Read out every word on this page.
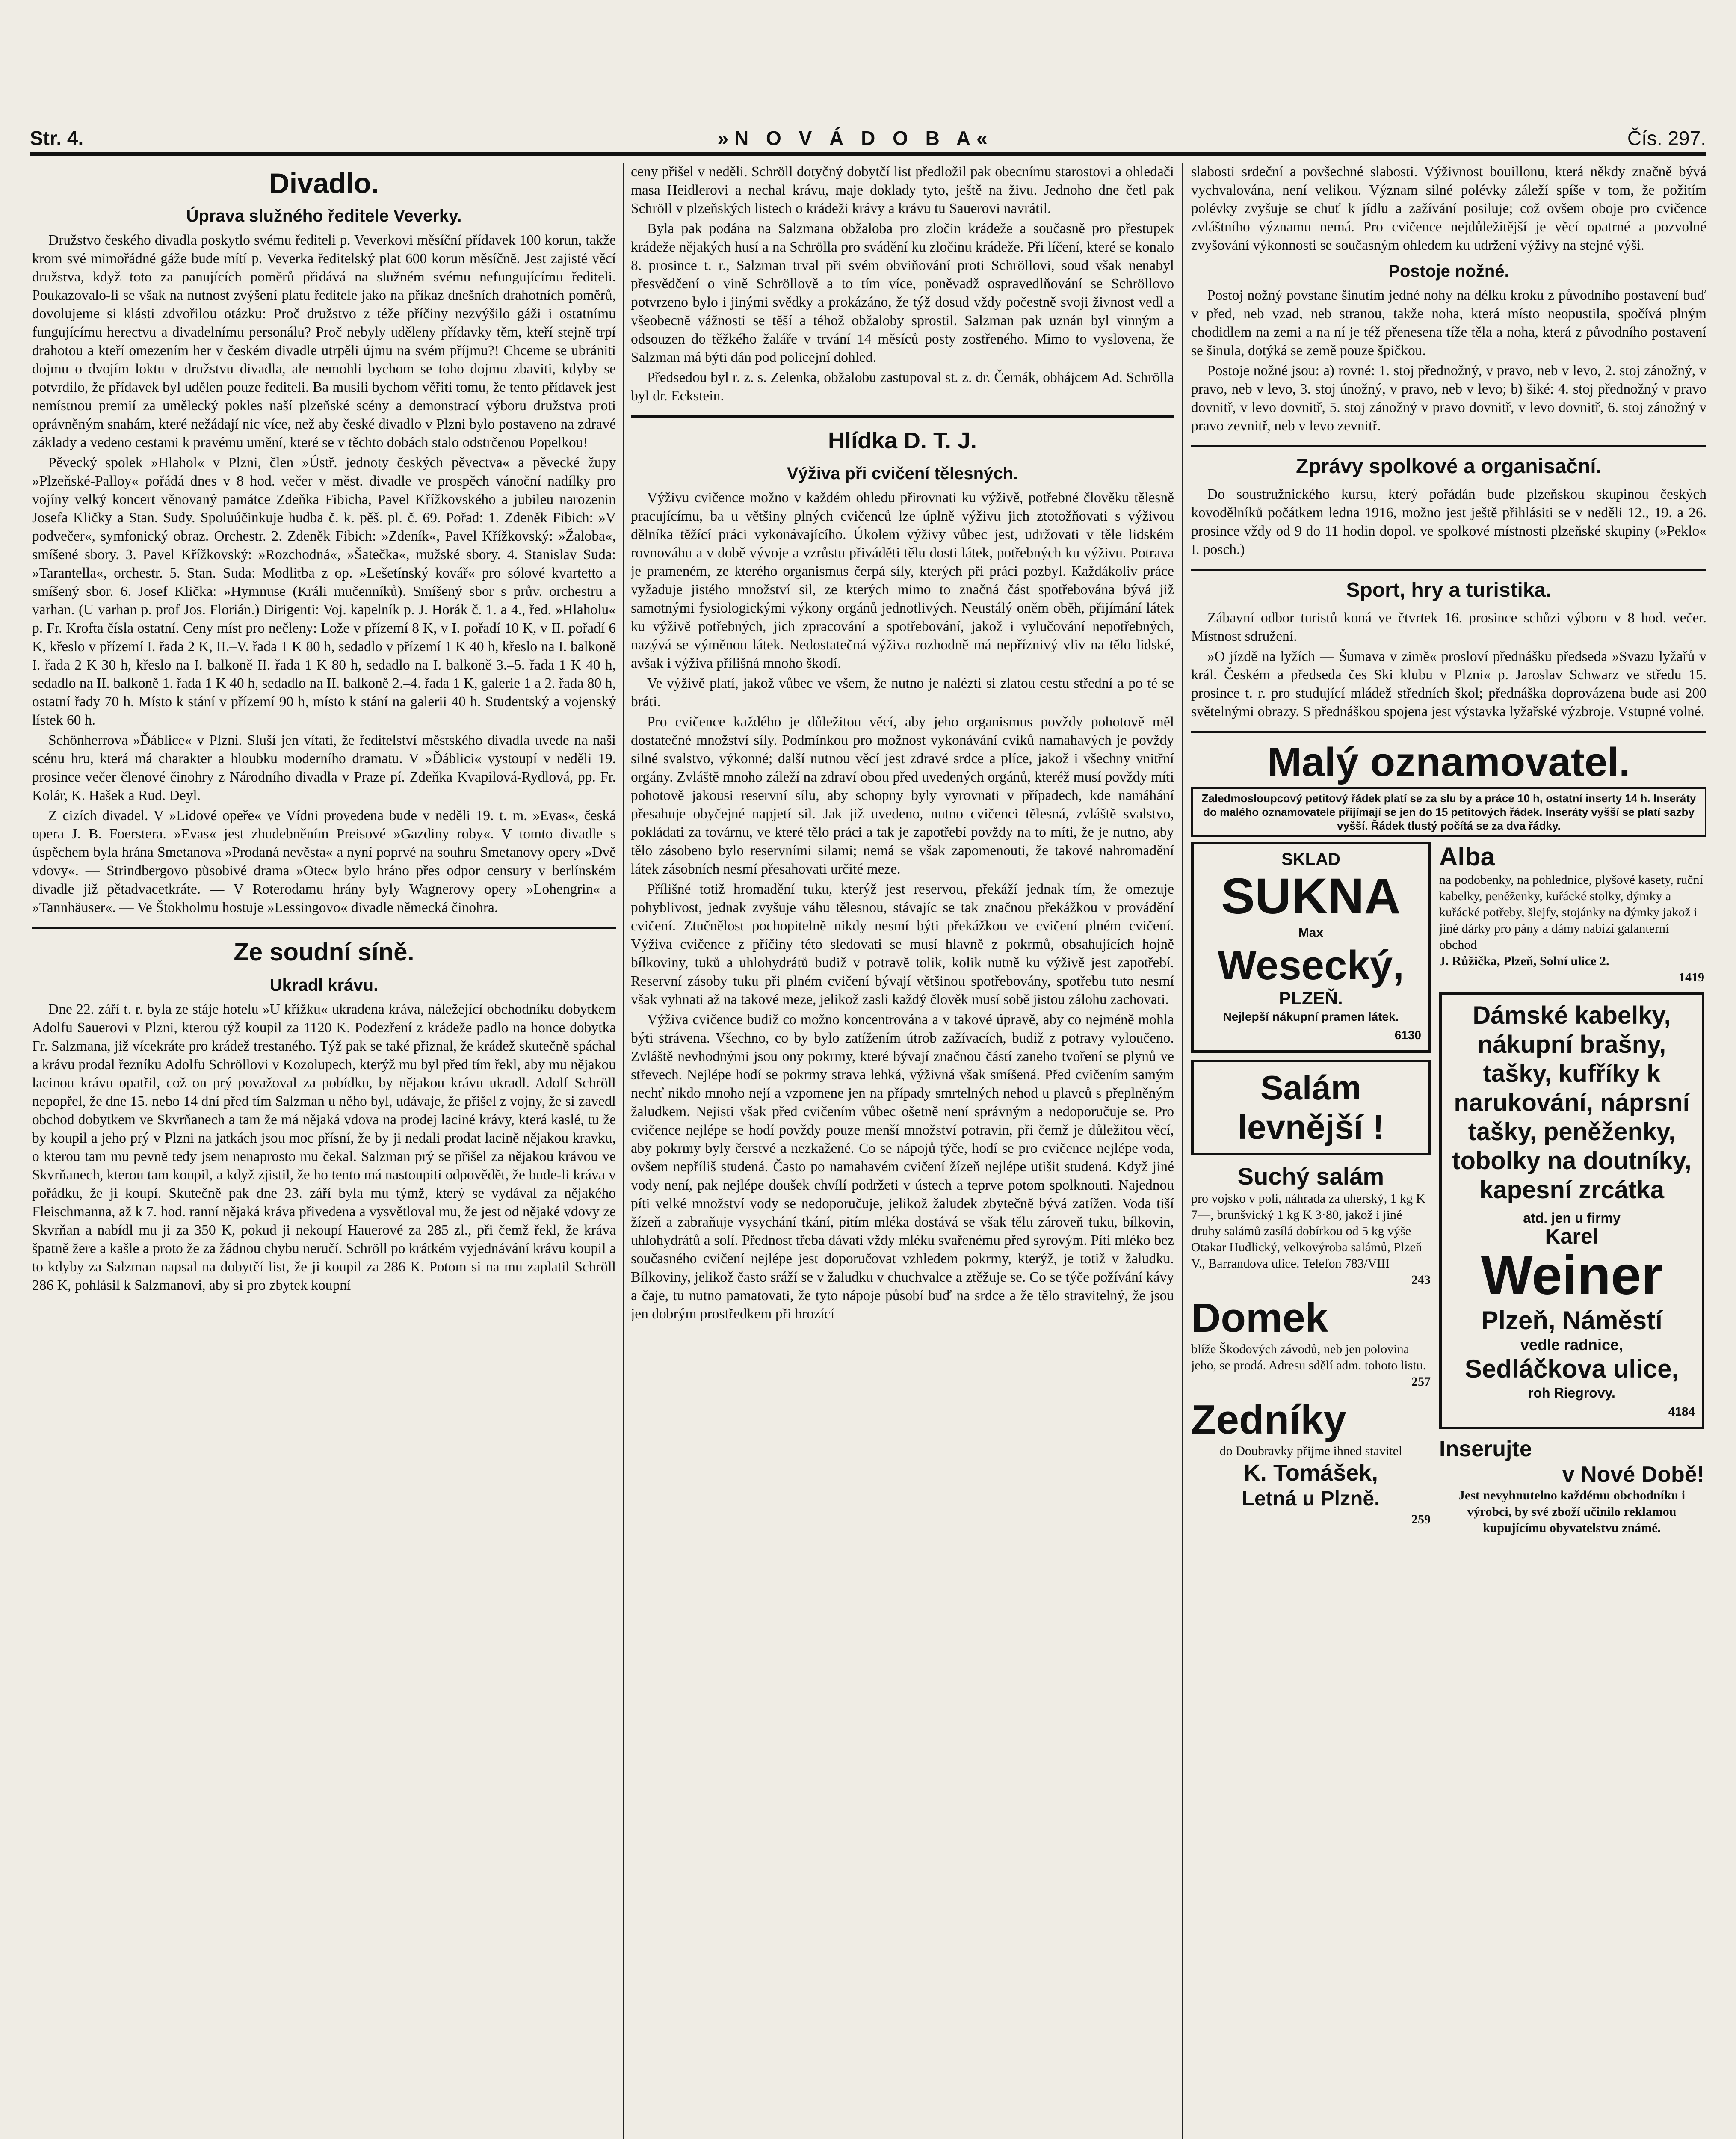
Str. 4.	»N O V Á D O B A«	Čís. 297.
Divadlo.
Úprava služného ředitele Veverky.

Družstvo českého divadla poskytlo svému řediteli p. Veverkovi měsíční přídavek 100 korun, takže krom své mimořádné gáže bude mítí p. Veverka ředitelský plat 600 korun měsíčně. Jest zajisté věcí družstva, když toto za panujících poměrů přidává na služném svému nefungujícímu řediteli. Poukazovalo-li se však na nutnost zvýšení platu ředitele jako na příkaz dnešních drahotních poměrů, dovolujeme si klásti zdvořilou otázku: Proč družstvo z téže příčiny nezvýšilo gáži i ostatnímu fungujícímu herectvu a divadelnímu personálu? Proč nebyly uděleny přídavky těm, kteří stejně trpí drahotou a kteří omezením her v českém divadle utrpěli újmu na svém příjmu?! Chceme se ubrániti dojmu o dvojím loktu v družstvu divadla, ale nemohli bychom se toho dojmu zbaviti, kdyby se potvrdilo, že přídavek byl udělen pouze řediteli. Ba musili bychom věřiti tomu, že tento přídavek jest nemístnou premií za umělecký pokles naší plzeňské scény a demonstrací výboru družstva proti oprávněným snahám, které nežádají nic více, než aby české divadlo v Plzni bylo postaveno na zdravé základy a vedeno cestami k pravému umění, které se v těchto dobách stalo odstrčenou Popelkou!

Pěvecký spolek »Hlahol« v Plzni, člen »Ústř. jednoty českých pěvectva« a pěvecké župy »Plzeňské-Palloy« pořádá dnes v 8 hod. večer v měst. divadle ve prospěch vánoční nadílky pro vojíny velký koncert věnovaný památce Zdeňka Fibicha, Pavel Křížkovského a jubileu narozenin Josefa Kličky a Stan. Sudy. Spoluúčinkuje hudba č. k. pěš. pl. č. 69. Pořad: 1. Zdeněk Fibich: »V podvečer«, symfonický obraz. Orchestr. 2. Zdeněk Fibich: »Zdeník«, Pavel Křížkovský: »Žaloba«, smíšené sbory. 3. Pavel Křížkovský: »Rozchodná«, »Šatečka«, mužské sbory. 4. Stanislav Suda: »Tarantella«, orchestr. 5. Stan. Suda: Modlitba z op. »Lešetínský kovář« pro sólové kvartetto a smíšený sbor. 6. Josef Klička: »Hymnuse (Králi mučenníků). Smíšený sbor s prův. orchestru a varhan. (U varhan p. prof Jos. Florián.) Dirigenti: Voj. kapelník p. J. Horák č. 1. a 4., řed. »Hlaholu« p. Fr. Krofta čísla ostatní. Ceny míst pro nečleny: Lože v přízemí 8 K, v I. pořadí 10 K, v II. pořadí 6 K, křeslo v přízemí I. řada 2 K, II.–V. řada 1 K 80 h, sedadlo v přízemí 1 K 40 h, křeslo na I. balkoně I. řada 2 K 30 h, křeslo na I. balkoně II. řada 1 K 80 h, sedadlo na I. balkoně 3.–5. řada 1 K 40 h, sedadlo na II. balkoně 1. řada 1 K 40 h, sedadlo na II. balkoně 2.–4. řada 1 K, galerie 1 a 2. řada 80 h, ostatní řady 70 h. Místo k stání v přízemí 90 h, místo k stání na galerii 40 h. Studentský a vojenský lístek 60 h.

Schönherrova »Ďáblice« v Plzni. Sluší jen vítati, že ředitelství městského divadla uvede na naši scénu hru, která má charakter a hloubku moderního dramatu. V »Ďáblici« vystoupí v neděli 19. prosince večer členové činohry z Národního divadla v Praze pí. Zdeňka Kvapilová-Rydlová, pp. Fr. Kolár, K. Hašek a Rud. Deyl.

Z cizích divadel. V »Lidové opeře« ve Vídni provedena bude v neděli 19. t. m. »Evas«, česká opera J. B. Foerstera. »Evas« jest zhudebněním Preisové »Gazdiny roby«. V tomto divadle s úspěchem byla hrána Smetanova »Prodaná nevěsta« a nyní poprvé na souhru Smetanovy opery »Dvě vdovy«. — Strindbergovo působivé drama »Otec« bylo hráno přes odpor censury v berlínském divadle již pětadvacetkráte. — V Roterodamu hrány byly Wagnerovy opery »Lohengrin« a »Tannhäuser«. — Ve Štokholmu hostuje »Lessingovo« divadle německá činohra.

Ze soudní síně.
Ukradl krávu.

Dne 22. září t. r. byla ze stáje hotelu »U křížku« ukradena kráva, náležející obchodníku dobytkem Adolfu Sauerovi v Plzni, kterou týž koupil za 1120 K. Podezření z krádeže padlo na honce dobytka Fr. Salzmana, již vícekráte pro krádež trestaného. Týž pak se také přiznal, že krádež skutečně spáchal a krávu prodal řezníku Adolfu Schröllovi v Kozolupech, kterýž mu byl před tím řekl, aby mu nějakou lacinou krávu opatřil, což on prý považoval za pobídku, by nějakou krávu ukradl. Adolf Schröll nepopřel, že dne 15. nebo 14 dní před tím Salzman u něho byl, udávaje, že přišel z vojny, že si zavedl obchod dobytkem ve Skvrňanech a tam že má nějaká vdova na prodej laciné krávy, která kaslé, tu že by koupil a jeho prý v Plzni na jatkách jsou moc přísní, že by ji nedali prodat lacině nějakou kravku, o kterou tam mu pevně tedy jsem nenaprosto mu čekal. Salzman prý se přišel za nějakou krávou ve Skvrňanech, kterou tam koupil, a když zjistil, že ho tento má nastoupiti odpovědět, že bude-li kráva v pořádku, že ji koupí. Skutečně pak dne 23. září byla mu týmž, který se vydával za nějakého Fleischmanna, až k 7. hod. ranní nějaká kráva přivedena a vysvětloval mu, že jest od nějaké vdovy ze Skvrňan a nabídl mu ji za 350 K, pokud ji nekoupí Hauerové za 285 zl., při čemž řekl, že kráva špatně žere a kašle a proto že za žádnou chybu neručí. Schröll po krátkém vyjednávání krávu koupil a to kdyby za Salzman napsal na dobytčí list, že ji koupil za 286 K. Potom si na mu zaplatil Schröll 286 K, pohlásil k Salzmanovi, aby si pro zbytek koupní

ceny přišel v neděli. Schröll dotyčný dobytčí list předložil pak obecnímu starostovi a ohledači masa Heidlerovi a nechal krávu, maje doklady tyto, ještě na živu. Jednoho dne četl pak Schröll v plzeňských listech o krádeži krávy a krávu tu Sauerovi navrátil.

Byla pak podána na Salzmana obžaloba pro zločin krádeže a současně pro přestupek krádeže nějakých husí a na Schrölla pro svádění ku zločinu krádeže. Při líčení, které se konalo 8. prosince t. r., Salzman trval při svém obviňování proti Schröllovi, soud však nenabyl přesvědčení o vině Schröllově a to tím více, poněvadž ospravedlňování se Schröllovo potvrzeno bylo i jinými svědky a prokázáno, že týž dosud vždy počestně svoji živnost vedl a všeobecně vážnosti se těší a téhož obžaloby sprostil. Salzman pak uznán byl vinným a odsouzen do těžkého žaláře v trvání 14 měsíců posty zostřeného. Mimo to vyslovena, že Salzman má býti dán pod policejní dohled.

Předsedou byl r. z. s. Zelenka, obžalobu zastupoval st. z. dr. Černák, obhájcem Ad. Schrölla byl dr. Eckstein.

Hlídka D. T. J.
Výživa při cvičení tělesných.

Výživu cvičence možno v každém ohledu přirovnati ku výživě, potřebné člověku tělesně pracujícímu, ba u většiny plných cvičenců lze úplně výživu jich ztotožňovati s výživou dělníka těžící práci vykonávajícího. Úkolem výživy vůbec jest, udržovati v těle lidském rovnováhu a v době vývoje a vzrůstu přiváděti tělu dosti látek, potřebných ku výživu. Potrava je prameném, ze kterého organismus čerpá síly, kterých při práci pozbyl. Každákoliv práce vyžaduje jistého množství sil, ze kterých mimo to značná část spotřebována bývá již samotnými fysiologickými výkony orgánů jednotlivých. Neustálý oněm oběh, přijímání látek ku výživě potřebných, jich zpracování a spotřebování, jakož i vylučování nepotřebných, nazývá se výměnou látek. Nedostatečná výživa rozhodně má nepříznivý vliv na tělo lidské, avšak i výživa přílišná mnoho škodí.

Ve výživě platí, jakož vůbec ve všem, že nutno je nalézti si zlatou cestu střední a po té se bráti.

Pro cvičence každého je důležitou věcí, aby jeho organismus povždy pohotově měl dostatečné množství síly. Podmínkou pro možnost vykonávání cviků namahavých je povždy silné svalstvo, výkonné; další nutnou věcí jest zdravé srdce a plíce, jakož i všechny vnitřní orgány. Zvláště mnoho záleží na zdraví obou před uvedených orgánů, kteréž musí povždy míti pohotově jakousi reservní sílu, aby schopny byly vyrovnati v případech, kde namáhání přesahuje obyčejné napjetí sil. Jak již uvedeno, nutno cvičenci tělesná, zvláště svalstvo, pokládati za továrnu, ve které tělo práci a tak je zapotřebí povždy na to míti, že je nutno, aby tělo zásobeno bylo reservními silami; nemá se však zapomenouti, že takové nahromadění látek zásobních nesmí přesahovati určité meze.

Přílišné totiž hromadění tuku, kterýž jest reservou, překáží jednak tím, že omezuje pohyblivost, jednak zvyšuje váhu tělesnou, stávajíc se tak značnou překážkou v provádění cvičení. Ztučnělost pochopitelně nikdy nesmí býti překážkou ve cvičení plném cvičení. Výživa cvičence z příčiny této sledovati se musí hlavně z pokrmů, obsahujících hojně bílkoviny, tuků a uhlohydrátů budiž v potravě tolik, kolik nutně ku výživě jest zapotřebí. Reservní zásoby tuku při plném cvičení bývají většinou spotřebovány, spotřebu tuto nesmí však vyhnati až na takové meze, jelikož zasli každý člověk musí sobě jistou zálohu zachovati.

Výživa cvičence budiž co možno koncentrována a v takové úpravě, aby co nejméně mohla býti strávena. Všechno, co by bylo zatížením útrob zažívacích, budiž z potravy vyloučeno. Zvláště nevhodnými jsou ony pokrmy, které bývají značnou částí zaneho tvoření se plynů ve střevech. Nejlépe hodí se pokrmy strava lehká, výživná však smíšená. Před cvičením samým nechť nikdo mnoho nejí a vzpomene jen na případy smrtelných nehod u plavců s přeplněným žaludkem. Nejisti však před cvičením vůbec ošetně není správným a nedoporučuje se. Pro cvičence nejlépe se hodí povždy pouze menší množství potravin, při čemž je důležitou věcí, aby pokrmy byly čerstvé a nezkažené. Co se nápojů týče, hodí se pro cvičence nejlépe voda, ovšem nepříliš studená. Často po namahavém cvičení žízeň nejlépe utišit studená. Když jiné vody není, pak nejlépe doušek chvílí podržeti v ústech a teprve potom spolknouti. Najednou píti velké množství vody se nedoporučuje, jelikož žaludek zbytečně bývá zatížen. Voda tiší žízeň a zabraňuje vysychání tkání, pitím mléka dostává se však tělu zároveň tuku, bílkovin, uhlohydrátů a solí. Přednost třeba dávati vždy mléku svařenému před syrovým. Píti mléko bez současného cvičení nejlépe jest doporučovat vzhledem pokrmy, kterýž, je totiž v žaludku. Bílkoviny, jelikož často sráží se v žaludku v chuchvalce a ztěžuje se. Co se týče požívání kávy a čaje, tu nutno pamatovati, že tyto nápoje působí buď na srdce a že tělo stravitelný, že jsou jen dobrým prostředkem při hrozící

slabosti srdeční a povšechné slabosti. Výživnost bouillonu, která někdy značně bývá vychvalována, není velikou. Význam silné polévky záleží spíše v tom, že požitím polévky zvyšuje se chuť k jídlu a zažívání posiluje; což ovšem oboje pro cvičence zvláštního významu nemá. Pro cvičence nejdůležitější je věcí opatrné a pozvolné zvyšování výkonnosti se současným ohledem ku udržení výživy na stejné výši.

Postoje nožné.

Postoj nožný povstane šinutím jedné nohy na délku kroku z původního postavení buď v před, neb vzad, neb stranou, takže noha, která místo neopustila, spočívá plným chodidlem na zemi a na ní je též přenesena tíže těla a noha, která z původního postavení se šinula, dotýká se země pouze špičkou.

Postoje nožné jsou: a) rovné: 1. stoj přednožný, v pravo, neb v levo, 2. stoj zánožný, v pravo, neb v levo, 3. stoj únožný, v pravo, neb v levo; b) šiké: 4. stoj přednožný v pravo dovnitř, v levo dovnitř, 5. stoj zánožný v pravo dovnitř, v levo dovnitř, 6. stoj zánožný v pravo zevnitř, neb v levo zevnitř.

Zprávy spolkové a organisační.

Do soustružnického kursu, který pořádán bude plzeňskou skupinou českých kovodělníků počátkem ledna 1916, možno jest ještě přihlásiti se v neděli 12., 19. a 26. prosince vždy od 9 do 11 hodin dopol. ve spolkové místnosti plzeňské skupiny (»Peklo« I. posch.)

Sport, hry a turistika.

Zábavní odbor turistů koná ve čtvrtek 16. prosince schůzi výboru v 8 hod. večer. Místnost sdružení.

»O jízdě na lyžích — Šumava v zimě« prosloví přednášku předseda »Svazu lyžařů v král. Českém a předseda čes Ski klubu v Plzni« p. Jaroslav Schwarz ve středu 15. prosince t. r. pro studující mládež středních škol; přednáška doprovázena bude asi 200 světelnými obrazy. S přednáškou spojena jest výstavka lyžařské výzbroje. Vstupné volné.

Malý oznamovatel.
Zaledmosloupcový petitový řádek platí se za slu by a práce 10 h, ostatní inserty 14 h. Inseráty do malého oznamovatele přijímají se jen do 15 petitových řádek. Inseráty vyšší se platí sazby vyšší. Řádek tlustý počítá se za dva řádky.
SKLAD
SUKNA
Max
Wesecký,
PLZEŇ.
Nejlepší nákupní pramen látek.
6130
Salám levnější !
Suchý salám
pro vojsko v poli, náhrada za uherský, 1 kg K 7—, brunšvický 1 kg K 3·80, jakož i jiné druhy salámů zasílá dobírkou od 5 kg výše Otakar Hudlický, velkovýroba salámů, Plzeň V., Barrandova ulice. Telefon 783/VIII
243
Domek
blíže Škodových závodů, neb jen polovina jeho, se prodá. Adresu sdělí adm. tohoto listu.
257
Zedníky
do Doubravky přijme ihned stavitel
K. Tomášek,
Letná u Plzně.
259
Alba
na podobenky, na pohlednice, plyšové kasety, ruční kabelky, peněženky, kuřácké stolky, dýmky a kuřácké potřeby, šlejfy, stojánky na dýmky jakož i jiné dárky pro pány a dámy nabízí galanterní obchod
J. Růžička, Plzeň, Solní ulice 2.
1419
Dámské kabelky, nákupní brašny, tašky, kufříky k narukování, náprsní tašky, peněženky, tobolky na doutníky, kapesní zrcátka
atd. jen u firmy
Karel
Weiner
Plzeň, Náměstí
vedle radnice,
Sedláčkova ulice,
roh Riegrovy.
4184
Inserujte
v Nové Době!
Jest nevyhnutelno každému obchodníku i výrobci, by své zboží učinilo reklamou kupujícímu obyvatelstvu známé.
